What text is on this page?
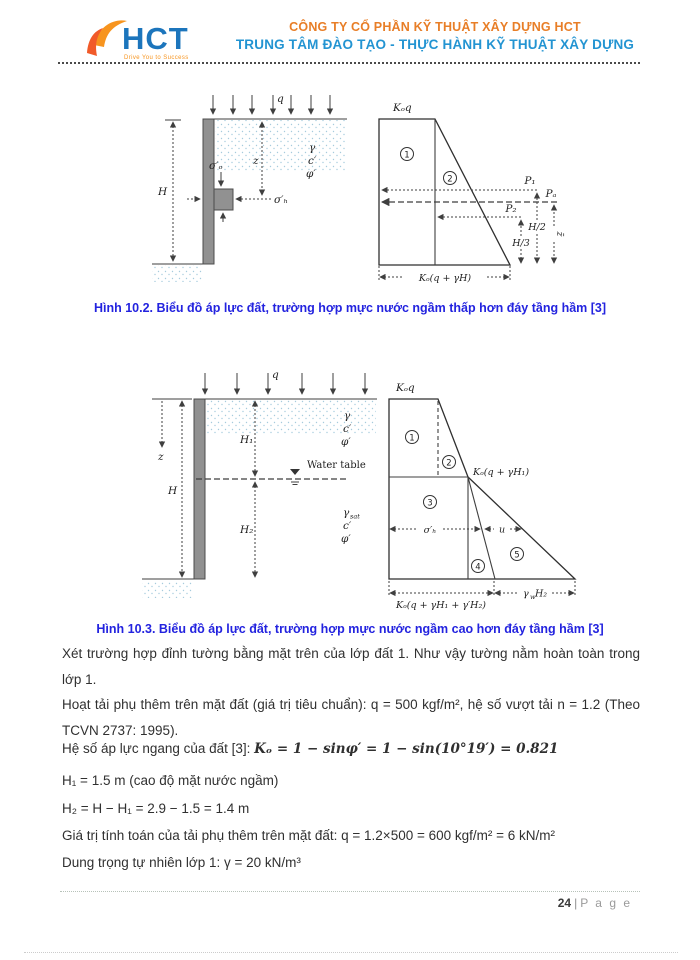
HCT
Drive You to Success
CÔNG TY CỔ PHẦN KỸ THUẬT XÂY DỰNG HCT
TRUNG TÂM ĐÀO TẠO - THỰC HÀNH KỸ THUẬT XÂY DỰNG
q
H
z
σ′ₒ
σ′ₕ
γ
c′
φ′
Kₒq
1
2	P₁
Pₐ
P₂
H/3
H/2
z̄
Kₒ(q + γH)
Hình 10.2. Biểu đồ áp lực đất, trường hợp mực nước ngầm thấp hơn đáy tầng hầm [3]
q
z
H
H₁
Water table
H₂
γ
c′
φ′
γ sat
c′
φ′
Kₒq
Kₒ(q + γH₁)
1
2
3
4
5
σ′ₕ	u
Kₒ(q + γH₁ + γ′H₂)
γ w H₂
Hình 10.3. Biểu đồ áp lực đất, trường hợp mực nước ngầm cao hơn đáy tầng hầm [3]
Xét trường hợp đỉnh tường bằng mặt trên của lớp đất 1. Như vậy tường nằm hoàn toàn trong lớp 1.
Hoạt tải phụ thêm trên mặt đất (giá trị tiêu chuẩn): q = 500 kgf/m², hệ số vượt tải n = 1.2 (Theo TCVN 2737: 1995).
Hệ số áp lực ngang của đất [3]: Kₒ = 1 − sinφ′ = 1 − sin(10°19′) = 0.821
H₁ = 1.5 m (cao độ mặt nước ngầm)
H₂ = H − H₁ = 2.9 − 1.5 = 1.4 m
Giá trị tính toán của tải phụ thêm trên mặt đất: q = 1.2×500 = 600 kgf/m² = 6 kN/m²
Dung trọng tự nhiên lớp 1: γ = 20 kN/m³
24 | P a g e
